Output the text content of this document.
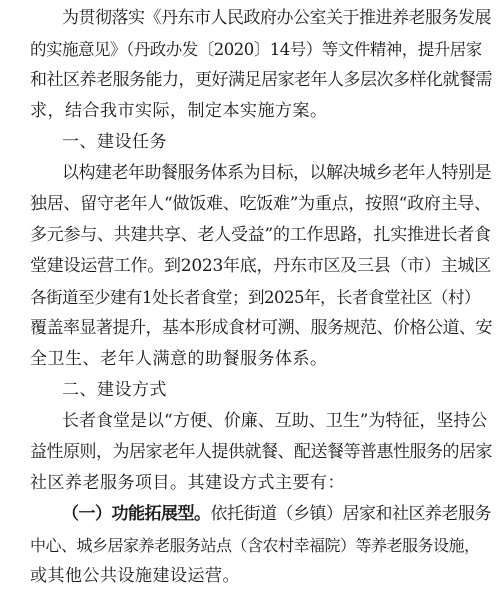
为贯彻落实《丹东市人民政府办公室关于推进养老服务发展
的实施意见》（丹政办发〔2020〕14号）等文件精神，提升居家
和社区养老服务能力，更好满足居家老年人多层次多样化就餐需
求，结合我市实际，制定本实施方案。
一、建设任务
以构建老年助餐服务体系为目标，以解决城乡老年人特别是
独居、留守老年人“做饭难、吃饭难”为重点，按照“政府主导、
多元参与、共建共享、老人受益”的工作思路，扎实推进长者食
堂建设运营工作。到2023年底，丹东市区及三县（市）主城区
各街道至少建有1处长者食堂；到2025年，长者食堂社区（村）
覆盖率显著提升，基本形成食材可溯、服务规范、价格公道、安
全卫生、老年人满意的助餐服务体系。
二、建设方式
长者食堂是以“方便、价廉、互助、卫生”为特征，坚持公
益性原则，为居家老年人提供就餐、配送餐等普惠性服务的居家
社区养老服务项目。其建设方式主要有：
（一）功能拓展型。依托街道（乡镇）居家和社区养老服务
中心、城乡居家养老服务站点（含农村幸福院）等养老服务设施，
或其他公共设施建设运营。
